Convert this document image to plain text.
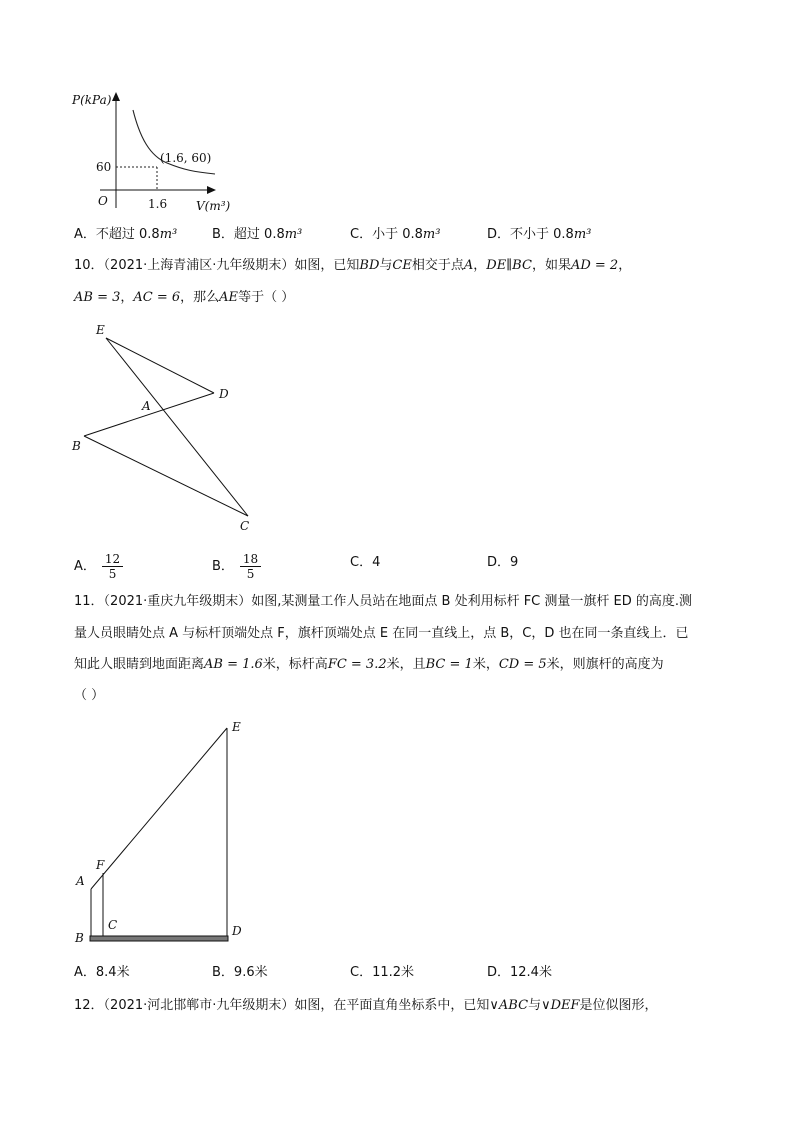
P(kPa)
V(m³)
O
60
1.6
(1.6, 60)
A．不超过 0.8m³	B．超过 0.8m³	C．小于 0.8m³	D．不小于 0.8m³
10．（2021·上海青浦区·九年级期末）如图，已知BD与CE相交于点A，DE∥BC，如果AD = 2，
AB = 3，AC = 6，那么AE等于（ ）
E
D
A
B
C
A． $\frac{12}{5}$	B． $\frac{18}{5}$	C．4	D．9
11．（2021·重庆九年级期末）如图,某测量工作人员站在地面点 B 处利用标杆 FC 测量一旗杆 ED 的高度.测
量人员眼睛处点 A 与标杆顶端处点 F，旗杆顶端处点 E 在同一直线上，点 B，C，D 也在同一条直线上．已
知此人眼睛到地面距离AB = 1.6米，标杆高FC = 3.2米，且BC = 1米，CD = 5米，则旗杆的高度为
（ ）
E
F
A
C
B	D
A．8.4米	B．9.6米	C．11.2米	D．12.4米
12．（2021·河北邯郸市·九年级期末）如图，在平面直角坐标系中，已知∨ABC与∨DEF是位似图形，
